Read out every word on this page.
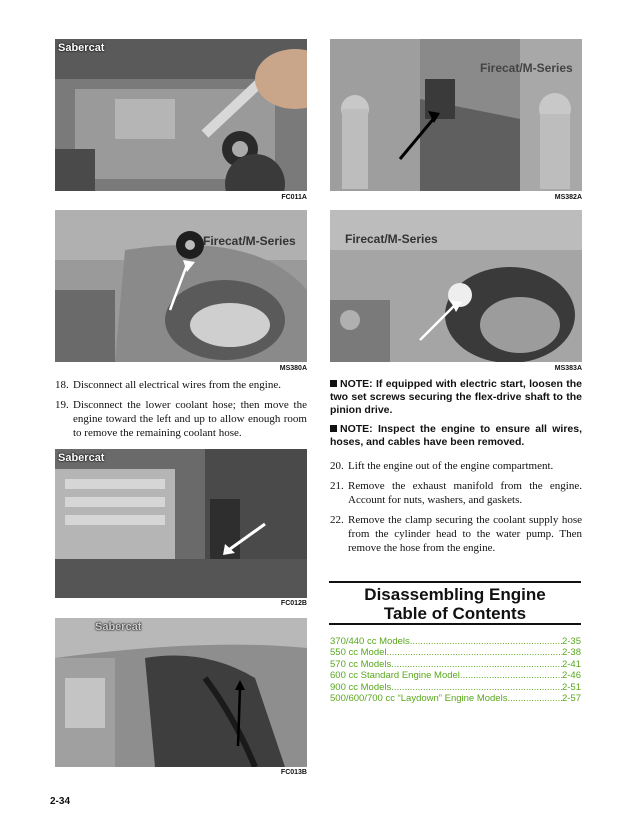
Sabercat
FC011A
Firecat/M-Series
MS382A
Firecat/M-Series
MS380A
Firecat/M-Series
MS383A
18. Disconnect all electrical wires from the engine.
19. Disconnect the lower coolant hose; then move the engine toward the left and up to allow enough room to remove the remaining coolant hose.
Sabercat
FC012B
Sabercat
FC013B
NOTE: If equipped with electric start, loosen the two set screws securing the flex-drive shaft to the pinion drive.
NOTE: Inspect the engine to ensure all wires, hoses, and cables have been removed.
20. Lift the engine out of the engine compartment.
21. Remove the exhaust manifold from the engine. Account for nuts, washers, and gaskets.
22. Remove the clamp securing the coolant supply hose from the cylinder head to the water pump. Then remove the hose from the engine.
Disassembling Engine
Table of Contents
370/440 cc Models .....	2-35
550 cc Model .....	2-38
570 cc Models .....	2-41
600 cc Standard Engine Model .....	2-46
900 cc Models .....	2-51
500/600/700 cc “Laydown” Engine Models .....	2-57
2-34
